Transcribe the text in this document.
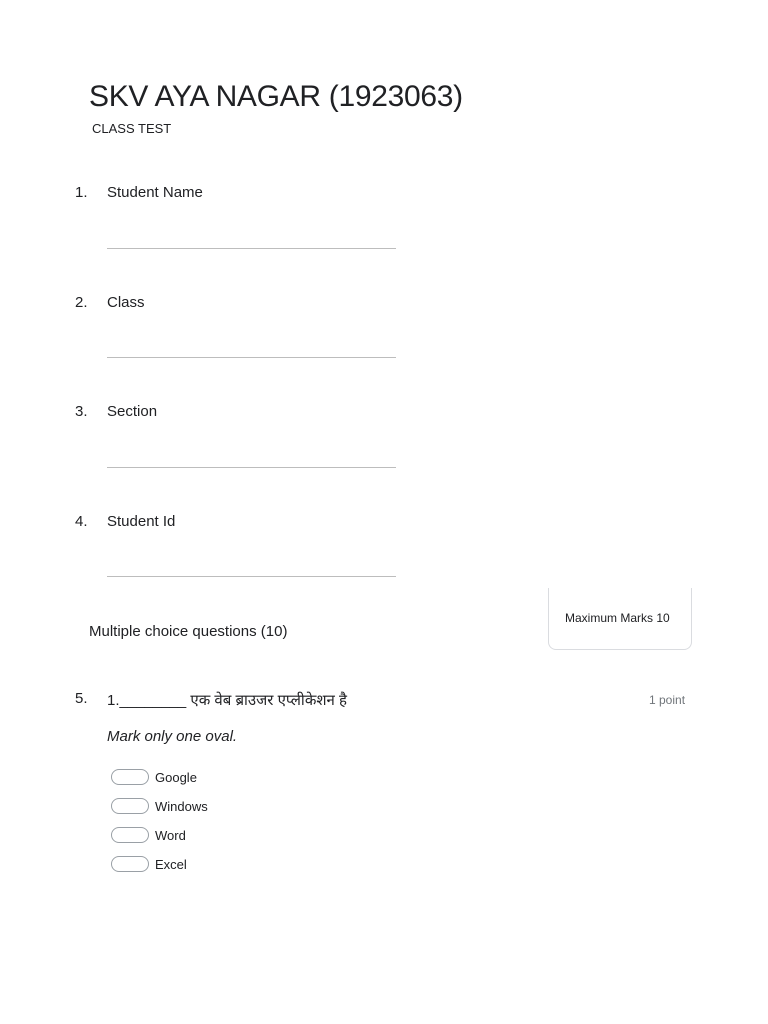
SKV AYA NAGAR (1923063)
CLASS TEST
1. Student Name
2. Class
3. Section
4. Student Id
Multiple choice questions (10)
Maximum Marks 10
5. 1.________ एक वेब ब्राउजर एप्लीकेशन है	1 point
Mark only one oval.
Google
Windows
Word
Excel
